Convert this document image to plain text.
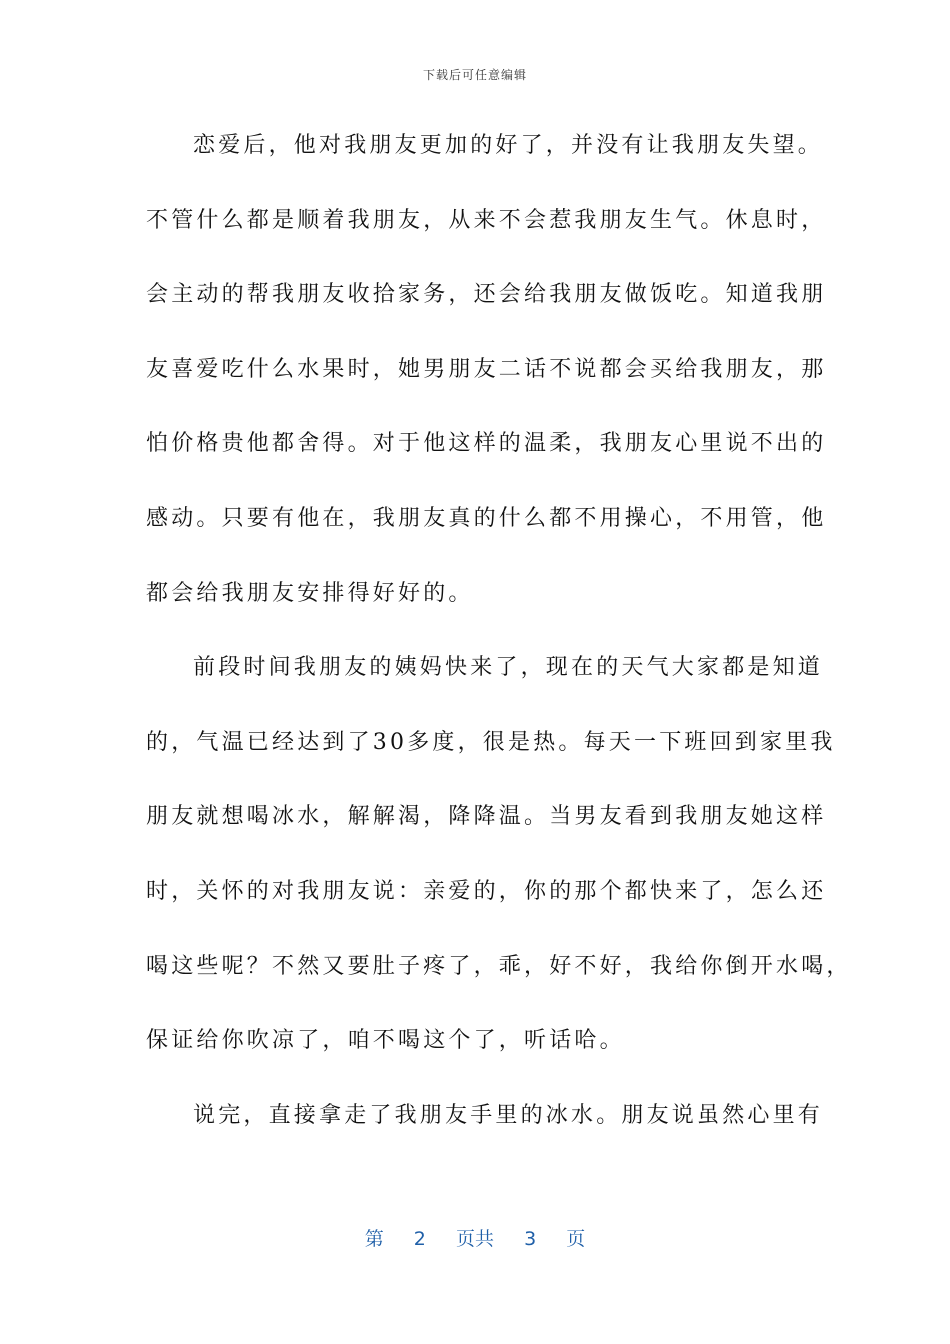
下载后可任意编辑
恋爱后，他对我朋友更加的好了，并没有让我朋友失望。
不管什么都是顺着我朋友，从来不会惹我朋友生气。休息时，
会主动的帮我朋友收拾家务，还会给我朋友做饭吃。知道我朋
友喜爱吃什么水果时，她男朋友二话不说都会买给我朋友，那
怕价格贵他都舍得。对于他这样的温柔，我朋友心里说不出的
感动。只要有他在，我朋友真的什么都不用操心，不用管，他
都会给我朋友安排得好好的。
前段时间我朋友的姨妈快来了，现在的天气大家都是知道
的，气温已经达到了30多度，很是热。每天一下班回到家里我
朋友就想喝冰水，解解渴，降降温。当男友看到我朋友她这样
时，关怀的对我朋友说：亲爱的，你的那个都快来了，怎么还
喝这些呢？不然又要肚子疼了，乖，好不好，我给你倒开水喝，
保证给你吹凉了，咱不喝这个了，听话哈。
说完，直接拿走了我朋友手里的冰水。朋友说虽然心里有
第 2 页共 3 页
